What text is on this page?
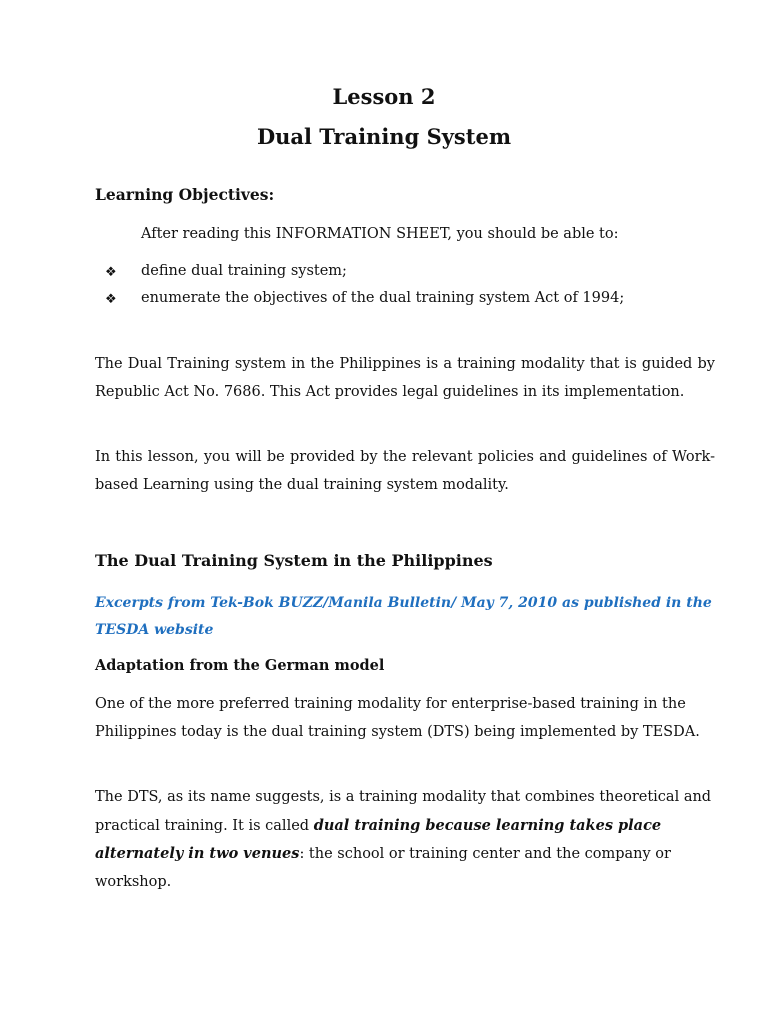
Lesson 2
Dual Training System
Learning Objectives:
After reading this INFORMATION SHEET, you should be able to:
❖	define dual training system;
❖	enumerate the objectives of the dual training system Act of 1994;

The Dual Training system in the Philippines is a training modality that is guided by Republic Act No. 7686. This Act provides legal guidelines in its implementation.

In this lesson, you will be provided by the relevant policies and guidelines of Work-based Learning using the dual training system modality.

The Dual Training System in the Philippines

Excerpts from Tek-Bok BUZZ/Manila Bulletin/ May 7, 2010 as published in the TESDA website

Adaptation from the German model

One of the more preferred training modality for enterprise-based training in the Philippines today is the dual training system (DTS) being implemented by TESDA.

The DTS, as its name suggests, is a training modality that combines theoretical and practical training. It is called dual training because learning takes place alternately in two venues: the school or training center and the company or workshop.
